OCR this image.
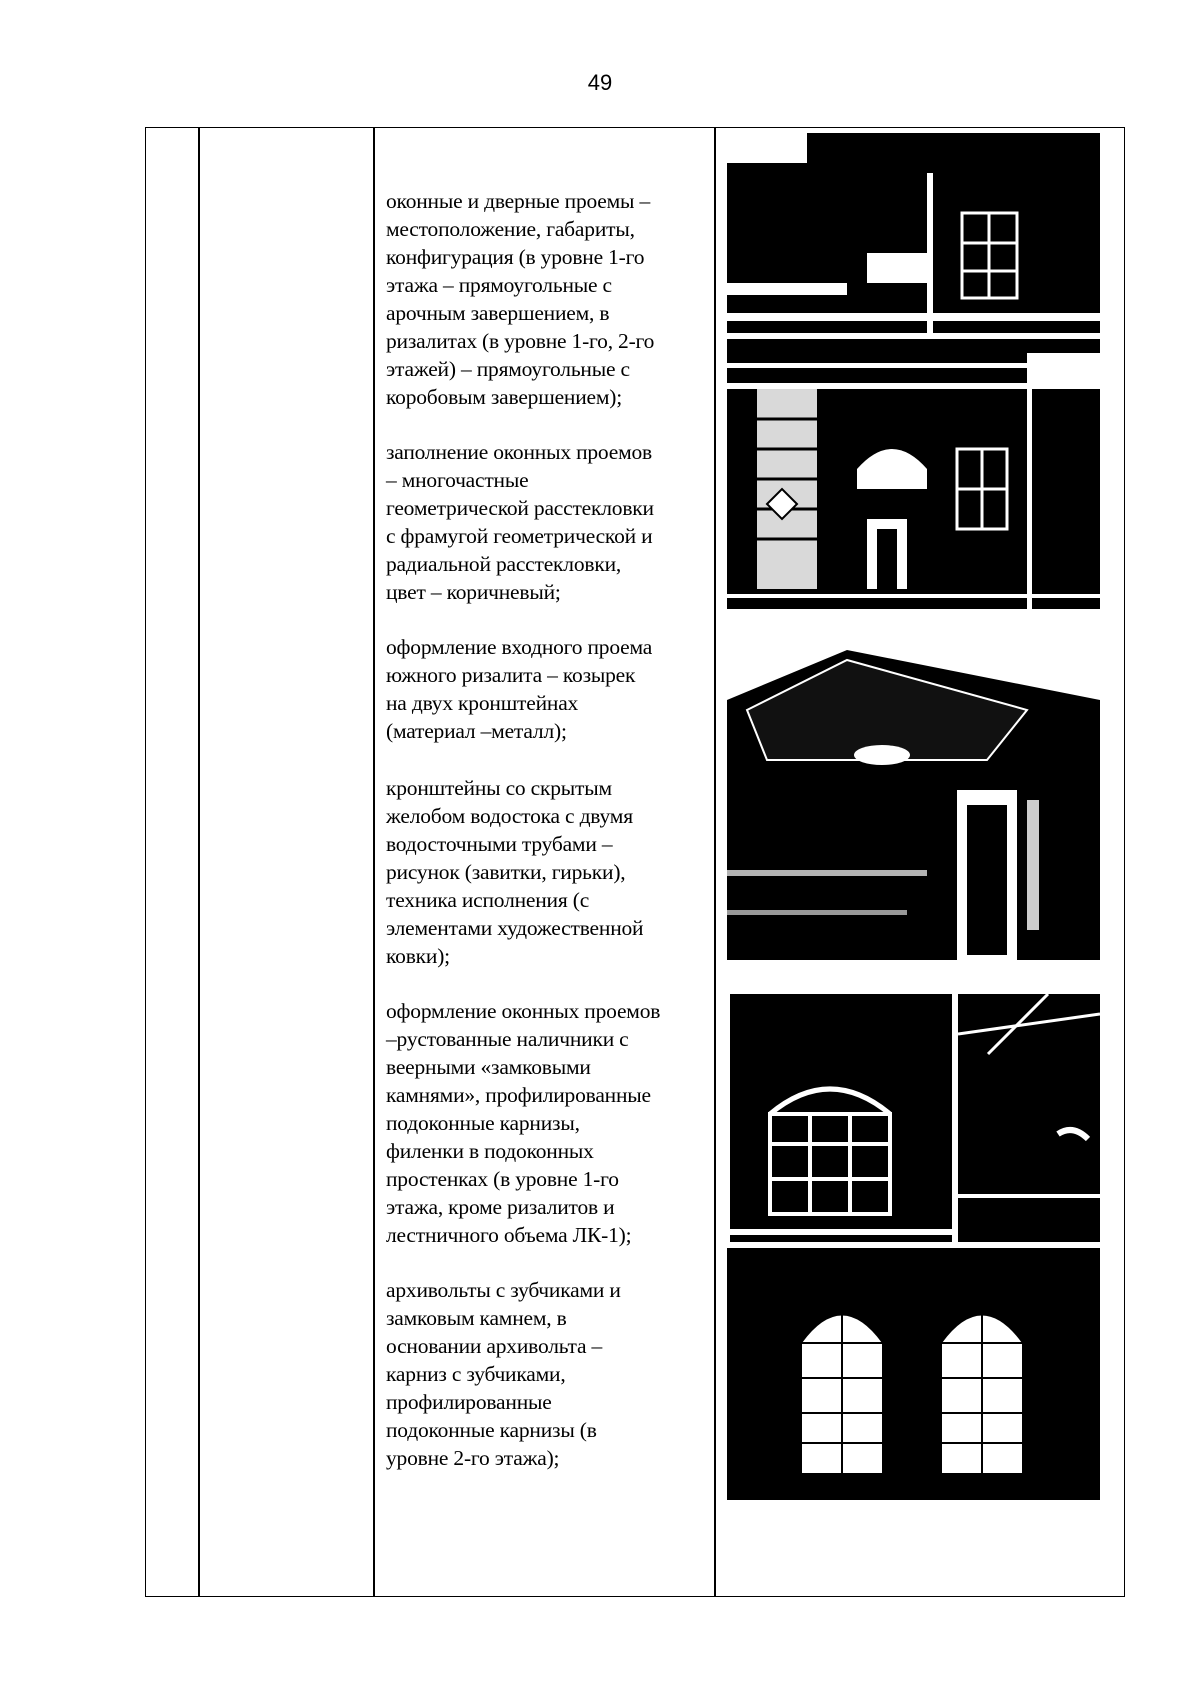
49
оконные и дверные проемы –
местоположение, габариты,
конфигурация (в уровне 1-го
этажа – прямоугольные с
арочным завершением, в
ризалитах (в уровне 1-го, 2-го
этажей) – прямоугольные с
коробовым завершением);
заполнение оконных проемов
– многочастные
геометрической расстекловки
с фрамугой геометрической и
радиальной расстекловки,
цвет – коричневый;
оформление входного проема
южного ризалита – козырек
на двух кронштейнах
(материал –металл);
кронштейны со скрытым
желобом водостока с двумя
водосточными трубами –
рисунок (завитки, гирьки),
техника исполнения (с
элементами художественной
ковки);
оформление оконных проемов
–рустованные наличники с
веерными «замковыми
камнями», профилированные
подоконные карнизы,
филенки в подоконных
простенках (в уровне 1-го
этажа, кроме ризалитов и
лестничного объема ЛК-1);
архивольты с зубчиками и
замковым камнем, в
основании архивольта –
карниз с зубчиками,
профилированные
подоконные карнизы (в
уровне 2-го этажа);
